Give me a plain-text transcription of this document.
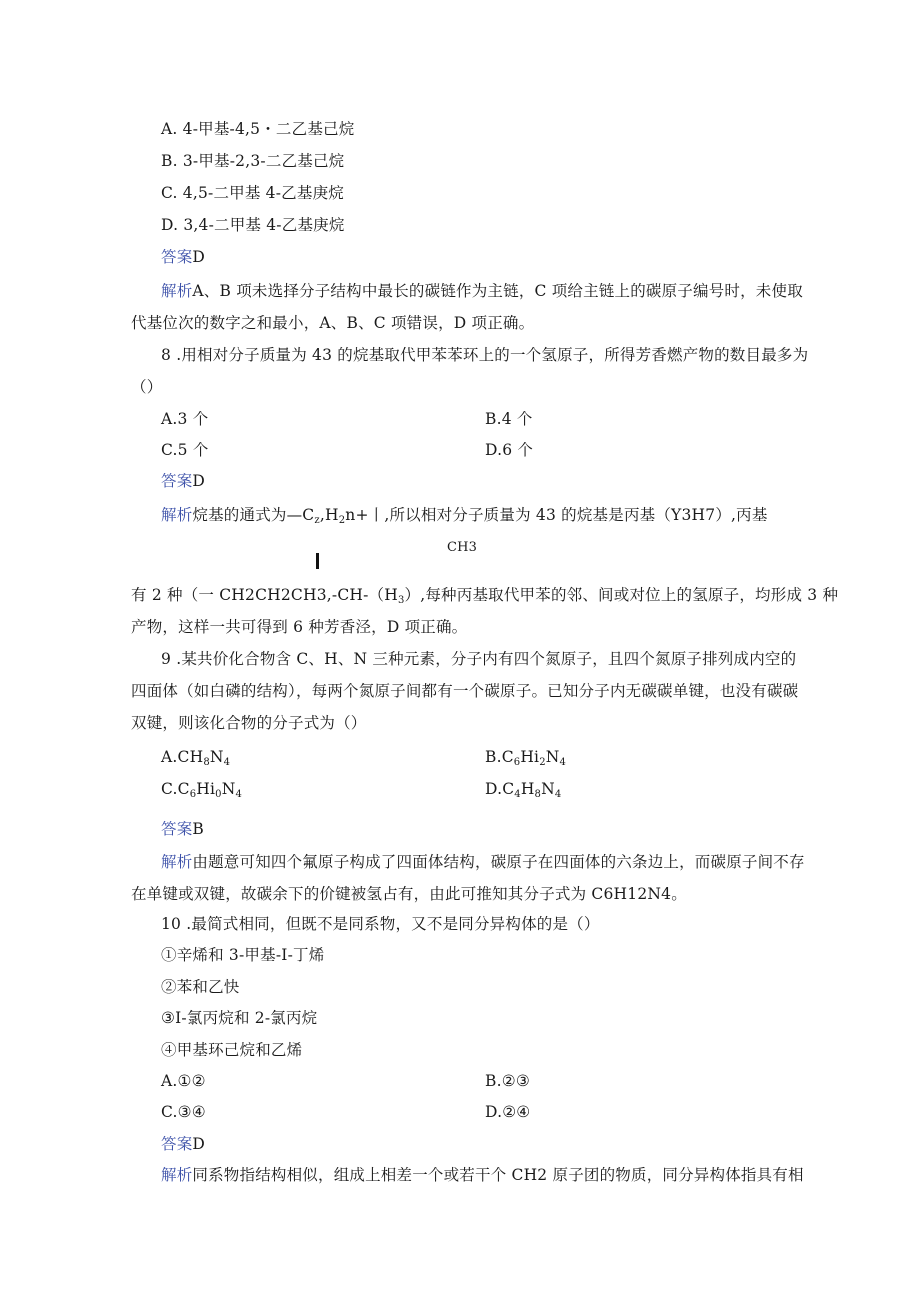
A. 4-甲基-4,5・二乙基己烷
B. 3-甲基-2,3-二乙基己烷
C. 4,5-二甲基 4-乙基庚烷
D. 3,4-二甲基 4-乙基庚烷
答案D
解析A、B 项未选择分子结构中最长的碳链作为主链，C 项给主链上的碳原子编号时，未使取
代基位次的数字之和最小，A、B、C 项错误，D 项正确。
8 .用相对分子质量为 43 的烷基取代甲苯苯环上的一个氢原子，所得芳香燃产物的数目最多为
（）
A.3 个	B.4 个
C.5 个	D.6 个
答案D
解析烷基的通式为$—C_z,H_2n+$丨,所以相对分子质量为 43 的烷基是丙基（Y3H7）,丙基
CH3
有 2 种（一 $CH2CH2CH3,-CH-(H_3)$,每种丙基取代甲苯的邻、间或对位上的氢原子，均形成 3 种
产物，这样一共可得到 6 种芳香泾，D 项正确。
9 .某共价化合物含 C、H、N 三种元素，分子内有四个氮原子，且四个氮原子排列成内空的
四面体（如白磷的结构），每两个氮原子间都有一个碳原子。已知分子内无碳碳单键，也没有碳碳
双键，则该化合物的分子式为（）
$A.CH_8N_4$	$B.C_6Hi_2N_4$
$C.C_6Hi_0N_4$	$D.C_4H_8N_4$
答案B
解析由题意可知四个氟原子构成了四面体结构，碳原子在四面体的六条边上，而碳原子间不存
在单键或双键，故碳余下的价键被氢占有，由此可推知其分子式为 C6H12N4。
10 .最简式相同，但既不是同系物，又不是同分异构体的是（）
①辛烯和 3-甲基-I-丁烯
②苯和乙快
③I-氯丙烷和 2-氯丙烷
④甲基环己烷和乙烯
A.①②	B.②③
C.③④	D.②④
答案D
解析同系物指结构相似，组成上相差一个或若干个 CH2 原子团的物质，同分异构体指具有相
